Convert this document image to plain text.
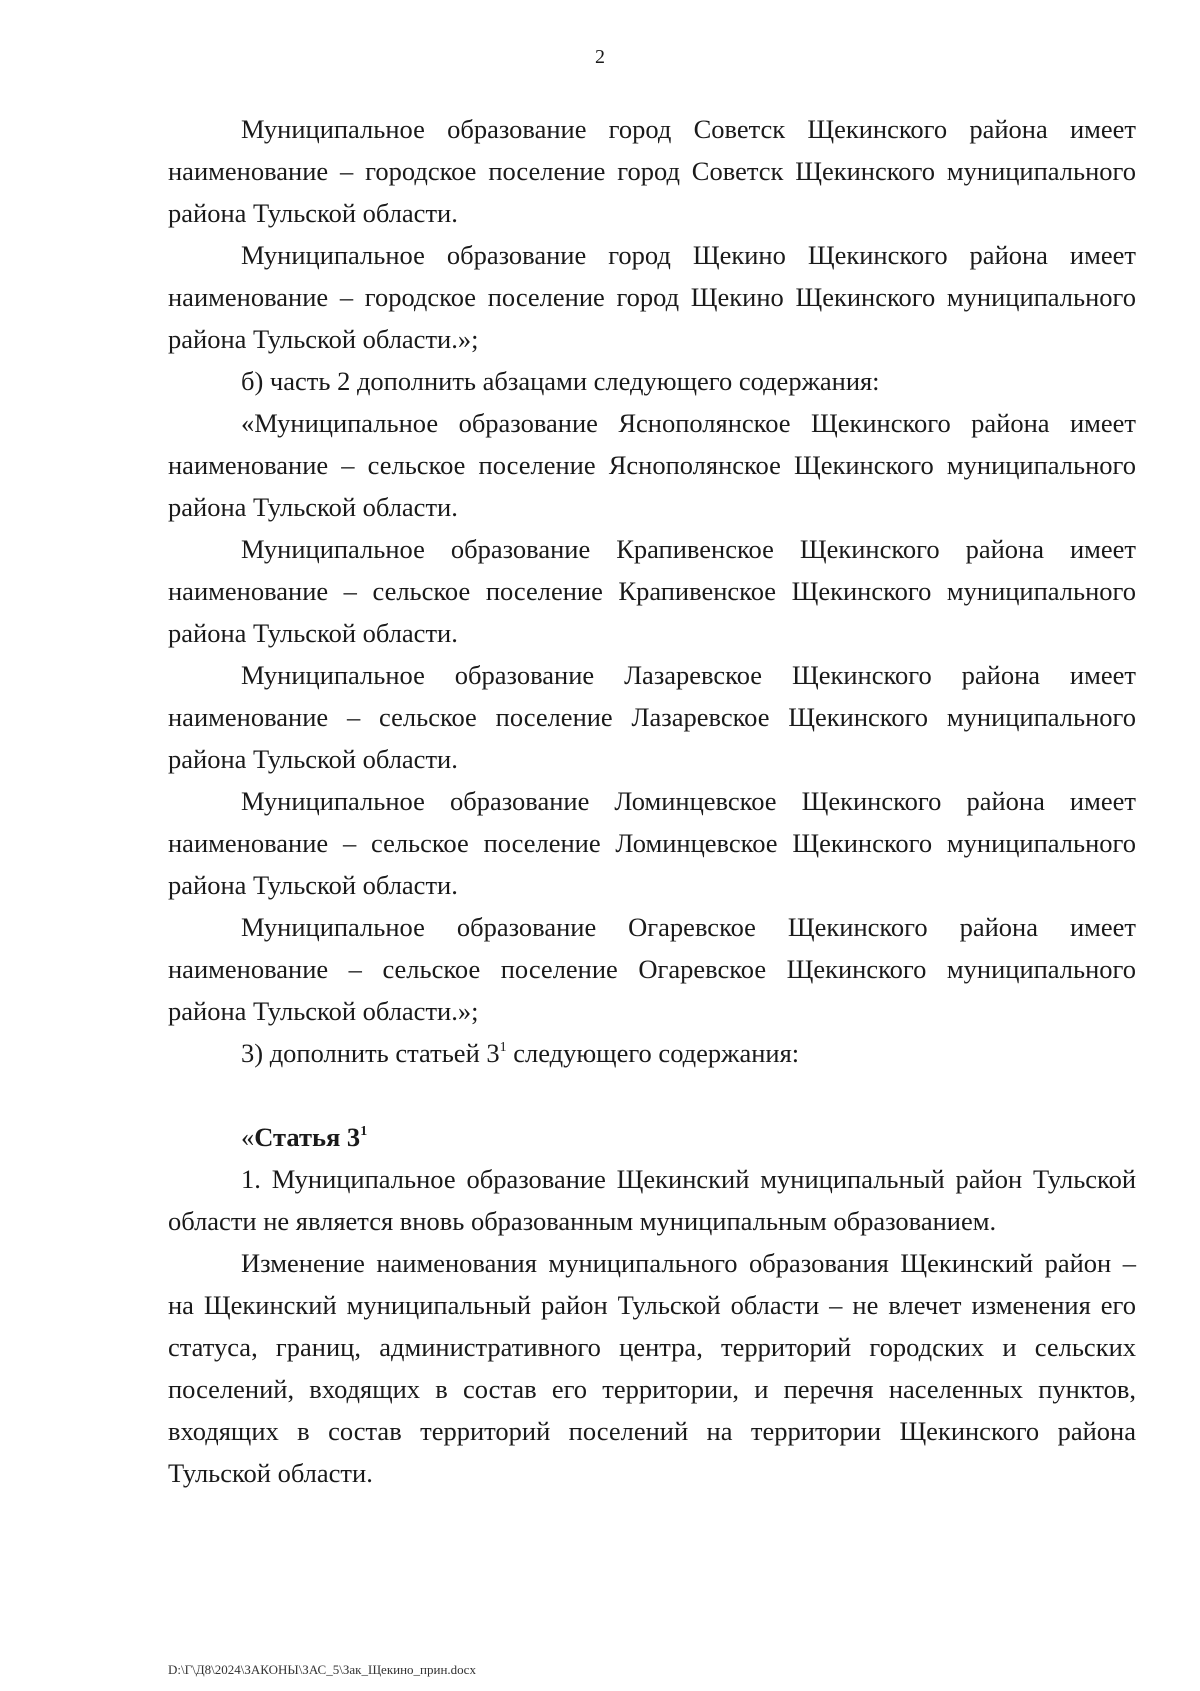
2

Муниципальное образование город Советск Щекинского района имеет наименование – городское поселение город Советск Щекинского муниципального района Тульской области.

Муниципальное образование город Щекино Щекинского района имеет наименование – городское поселение город Щекино Щекинского муниципального района Тульской области.»;

б) часть 2 дополнить абзацами следующего содержания:

«Муниципальное образование Яснополянское Щекинского района имеет наименование – сельское поселение Яснополянское Щекинского муниципального района Тульской области.

Муниципальное образование Крапивенское Щекинского района имеет наименование – сельское поселение Крапивенское Щекинского муниципального района Тульской области.

Муниципальное образование Лазаревское Щекинского района имеет наименование – сельское поселение Лазаревское Щекинского муниципального района Тульской области.

Муниципальное образование Ломинцевское Щекинского района имеет наименование – сельское поселение Ломинцевское Щекинского муниципального района Тульской области.

Муниципальное образование Огаревское Щекинского района имеет наименование – сельское поселение Огаревское Щекинского муниципального района Тульской области.»;

3) дополнить статьей $3^1$ следующего содержания:

«Статья $3^1$

1. Муниципальное образование Щекинский муниципальный район Тульской области не является вновь образованным муниципальным образованием.

Изменение наименования муниципального образования Щекинский район – на Щекинский муниципальный район Тульской области – не влечет изменения его статуса, границ, административного центра, территорий городских и сельских поселений, входящих в состав его территории, и перечня населенных пунктов, входящих в состав территорий поселений на территории Щекинского района Тульской области.

D:\Г\Д8\2024\ЗАКОНЫ\ЗАС_5\Зак_Щекино_прин.docx
